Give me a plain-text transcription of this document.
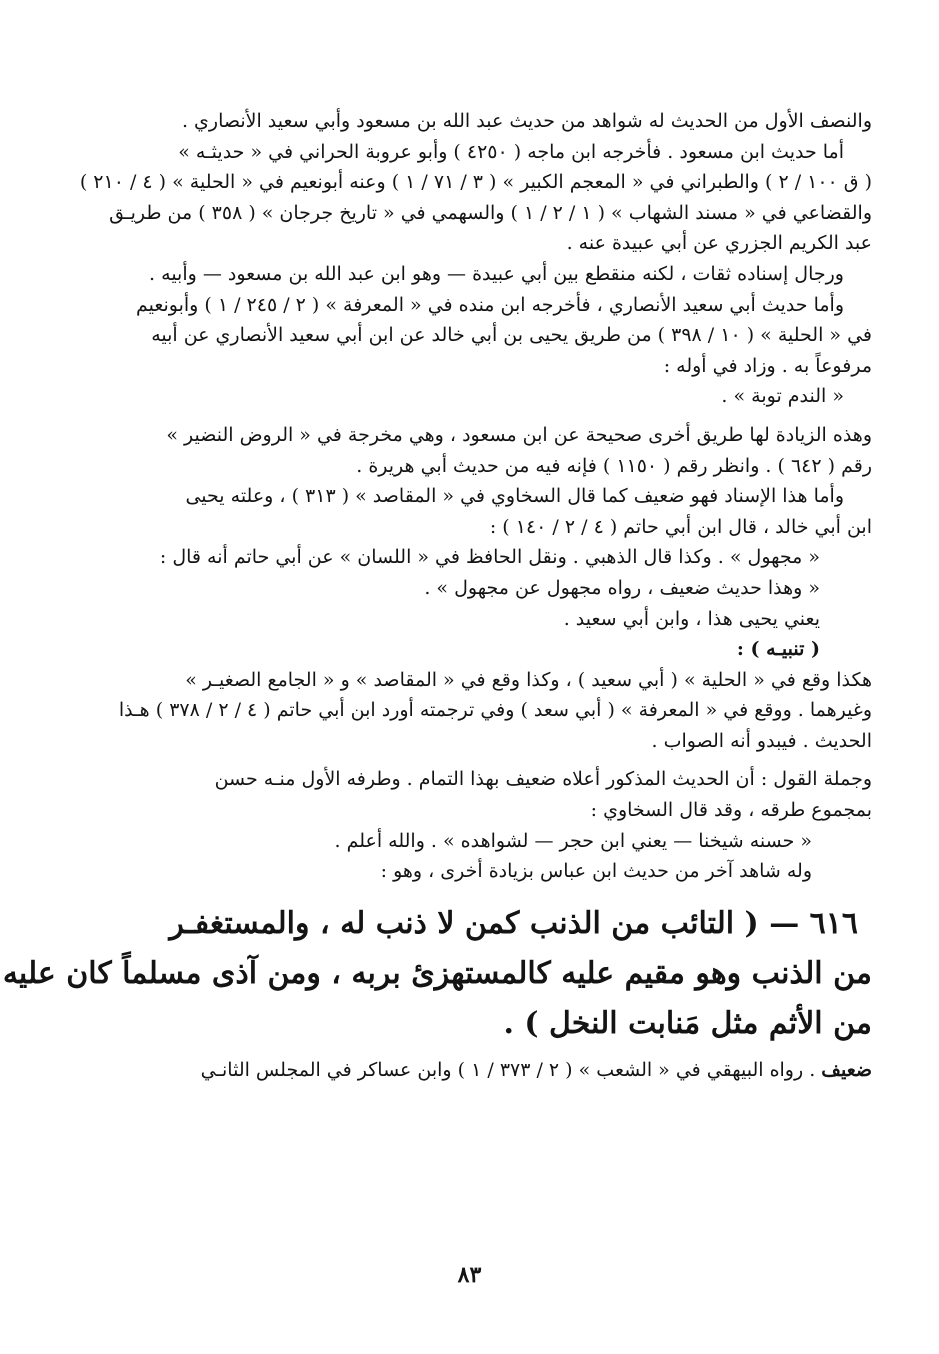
والنصف الأول من الحديث له شواهد من حديث عبد الله بن مسعود وأبي سعيد الأنصاري .
أما حديث ابن مسعود . فأخرجه ابن ماجه ( ٤٢٥٠ ) وأبو عروبة الحراني في « حديثـه »
( ق ١٠٠ / ٢ ) والطبراني في « المعجم الكبير » ( ٣ / ٧١ / ١ ) وعنه أبونعيم في « الحلية » ( ٤ / ٢١٠ )
والقضاعي في « مسند الشهاب » ( ١ / ٢ / ١ ) والسهمي في « تاريخ جرجان » ( ٣٥٨ ) من طريـق
عبد الكريم الجزري عن أبي عبيدة عنه .
ورجال إسناده ثقات ، لكنه منقطع بين أبي عبيدة — وهو ابن عبد الله بن مسعود — وأبيه .
وأما حديث أبي سعيد الأنصاري ، فأخرجه ابن منده في « المعرفة » ( ٢ / ٢٤٥ / ١ ) وأبونعيم
في « الحلية » ( ١٠ / ٣٩٨ ) من طريق يحيى بن أبي خالد عن ابن أبي سعيد الأنصاري عن أبيه
مرفوعاً به . وزاد في أوله :
« الندم توبة » .
وهذه الزيادة لها طريق أخرى صحيحة عن ابن مسعود ، وهي مخرجة في « الروض النضير »
رقم ( ٦٤٢ ) . وانظر رقم ( ١١٥٠ ) فإنه فيه من حديث أبي هريرة .
وأما هذا الإسناد فهو ضعيف كما قال السخاوي في « المقاصد » ( ٣١٣ ) ، وعلته يحيى
ابن أبي خالد ، قال ابن أبي حاتم ( ٤ / ٢ / ١٤٠ ) :
« مجهول » . وكذا قال الذهبي . ونقل الحافظ في « اللسان » عن أبي حاتم أنه قال :
« وهذا حديث ضعيف ، رواه مجهول عن مجهول » .
يعني يحيى هذا ، وابن أبي سعيد .
( تنبيـه ) :
هكذا وقع في « الحلية » ( أبي سعيد ) ، وكذا وقع في « المقاصد » و « الجامع الصغيـر »
وغيرهما . ووقع في « المعرفة » ( أبي سعد ) وفي ترجمته أورد ابن أبي حاتم ( ٤ / ٢ / ٣٧٨ ) هـذا
الحديث . فيبدو أنه الصواب .
وجملة القول : أن الحديث المذكور أعلاه ضعيف بهذا التمام . وطرفه الأول منـه حسن
بمجموع طرقه ، وقد قال السخاوي :
« حسنه شيخنا — يعني ابن حجر — لشواهده » . والله أعلم .
وله شاهد آخر من حديث ابن عباس بزيادة أخرى ، وهو :
٦١٦ — ( التائب من الذنب كمن لا ذنب له ، والمستغفـر
من الذنب وهو مقيم عليه كالمستهزئ بربه ، ومن آذى مسلماً كان عليه
من الأثم مثل مَنابت النخل ) .
ضعيف . رواه البيهقي في « الشعب » ( ٢ / ٣٧٣ / ١ ) وابن عساكر في المجلس الثانـي
٨٣
